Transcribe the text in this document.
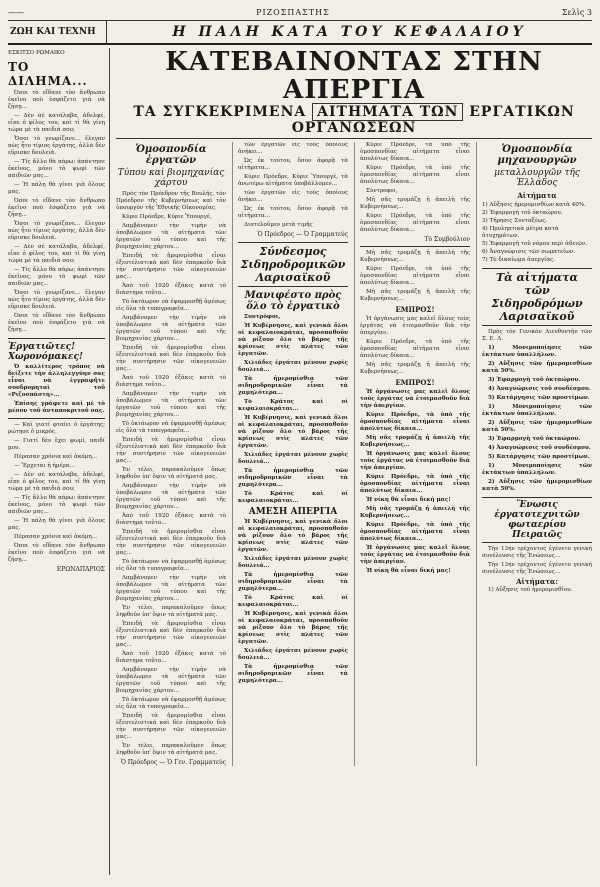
——	ΡΙΖΟΣΠΑΣΤΗΣ	Σελὶς 3
ΖΩΗ ΚΑΙ ΤΕΧΝΗ	Η ΠΑΛΗ ΚΑΤΑ ΤΟΥ ΚΕΦΑΛΑΙΟΥ
ΕΣΚΙΤΣΟ ΡΩΜΑΙΚΟ
ΤΟ ΔΙΛΗΜΑ...

Όσοι τὸ εἴδανε τὸν ἄνθρωπο ἐκεῖνο ποὺ ἐσφάζετο γιὰ νὰ ζήσῃ...

— Δὲν σὲ κατάλαβα, ἀδελφέ, εἶπε ὁ φίλος του, καὶ τί θὰ γίνῃ τώρα μὲ τὰ παιδιά σου;

Ὅσοι τὸ γνωρίζανε... ἔλεγαν πὼς ἦτο τίμιος ἐργάτης, ἀλλὰ δὲν εὕρισκε δουλειά.

— Τίς ἄλλο θὰ πάρω; ἀπάντησε ἐκεῖνος, μόνο τὸ ψωμὶ τῶν παιδιῶν μας...

— Ἡ πάλη θὰ γίνει γιὰ ὅλους μας.

Όσοι τὸ εἴδανε τὸν ἄνθρωπο ἐκεῖνο ποὺ ἐσφάζετο γιὰ νὰ ζήσῃ...

Ὅσοι τὸ γνωρίζανε... ἔλεγαν πὼς ἦτο τίμιος ἐργάτης, ἀλλὰ δὲν εὕρισκε δουλειά.

— Δὲν σὲ κατάλαβα, ἀδελφέ, εἶπε ὁ φίλος του, καὶ τί θὰ γίνῃ τώρα μὲ τὰ παιδιά σου;

— Τίς ἄλλο θὰ πάρω; ἀπάντησε ἐκεῖνος, μόνο τὸ ψωμὶ τῶν παιδιῶν μας...

Ὅσοι τὸ γνωρίζανε... ἔλεγαν πὼς ἦτο τίμιος ἐργάτης, ἀλλὰ δὲν εὕρισκε δουλειά.

Όσοι τὸ εἴδανε τὸν ἄνθρωπο ἐκεῖνο ποὺ ἐσφάζετο γιὰ νὰ ζήσῃ...

Ἐργατιῶτες! Χωρονόμακες!

Ὁ καλλίτερος τρόπος νὰ δείξετε τὴν ἀλληλεγγύην σας εἶναι νὰ ἐγγραφῆτε συνδρομηταὶ τοῦ «Ριζοσπάστη»...

Ἐπίσης γράφετε καὶ μὲ τὸ μέσον τοῦ ἀνταποκριτοῦ σας.

— Καὶ γιατί φταίει ὁ ἐργάτης; ρώτησε ὁ μικρός.

— Γιατί δὲν ἔχει ψωμί, παιδί μου.

Πέρασαν χρόνια καὶ ἀκόμη...

— Ἔρχεται ἡ ἡμέρα...

— Δὲν σὲ κατάλαβα, ἀδελφέ, εἶπε ὁ φίλος του, καὶ τί θὰ γίνῃ τώρα μὲ τὰ παιδιά σου;

— Τίς ἄλλο θὰ πάρω; ἀπάντησε ἐκεῖνος, μόνο τὸ ψωμὶ τῶν παιδιῶν μας...

— Ἡ πάλη θὰ γίνει γιὰ ὅλους μας.

Πέρασαν χρόνια καὶ ἀκόμη...

Όσοι τὸ εἴδανε τὸν ἄνθρωπο ἐκεῖνο ποὺ ἐσφάζετο γιὰ νὰ ζήσῃ...

ΕΡΩΝΑΠΑΡΙΟΣ
ΚΑΤΕΒΑΙΝΟΝΤΑΣ ΣΤΗΝ ΑΠΕΡΓΙΑ
ΤΑ ΣΥΓΚΕΚΡΙΜΕΝΑ ΑΙΤΗΜΑΤΑ ΤΩΝ ΕΡΓΑΤΙΚΩΝ ΟΡΓΑΝΩΣΕΩΝ
Ὁμοσπονδία ἐργατῶν
Τύπου καὶ βιομηχανίας χάρτου

Πρὸς τὸν Πρόεδρον τῆς Βουλῆς, τὸν Πρόεδρον τῆς Κυβερνήσεως καὶ τὸν ὑπουργὸν τῆς Ἐθνικῆς Οἰκονομίας.

Κύριε Πρόεδρε, Κύριε Ὑπουργέ,

Λαμβάνομεν τὴν τιμὴν νὰ ὑποβάλωμεν τὰ αἰτήματα τῶν ἐργατῶν τοῦ τύπου καὶ τῆς βιομηχανίας χάρτου...

Ἐπειδὴ τὰ ἡμερομίσθια εἶναι ἐξευτελιστικά καὶ δὲν ἐπαρκοῦν διὰ τὴν συντήρησιν τῶν οἰκογενειῶν μας...

Ἀπὸ τοῦ 1920 ἐξάκις κατὰ τὸ διάστημα τοῦτο...

Τὸ ὀκτάωρον νὰ ἐφαρμοσθῇ ἀμέσως εἰς ὅλα τὰ τυπογραφεῖα...

Λαμβάνομεν τὴν τιμὴν νὰ ὑποβάλωμεν τὰ αἰτήματα τῶν ἐργατῶν τοῦ τύπου καὶ τῆς βιομηχανίας χάρτου...

Ἐπειδὴ τὰ ἡμερομίσθια εἶναι ἐξευτελιστικά καὶ δὲν ἐπαρκοῦν διὰ τὴν συντήρησιν τῶν οἰκογενειῶν μας...

Ἀπὸ τοῦ 1920 ἐξάκις κατὰ τὸ διάστημα τοῦτο...

Λαμβάνομεν τὴν τιμὴν νὰ ὑποβάλωμεν τὰ αἰτήματα τῶν ἐργατῶν τοῦ τύπου καὶ τῆς βιομηχανίας χάρτου...

Τὸ ὀκτάωρον νὰ ἐφαρμοσθῇ ἀμέσως εἰς ὅλα τὰ τυπογραφεῖα...

Ἐπειδὴ τὰ ἡμερομίσθια εἶναι ἐξευτελιστικά καὶ δὲν ἐπαρκοῦν διὰ τὴν συντήρησιν τῶν οἰκογενειῶν μας...

Ἐν τέλει, παρακαλοῦμεν ὅπως ληφθοῦν ὑπ' ὄψιν τὰ αἰτήματά μας.

Λαμβάνομεν τὴν τιμὴν νὰ ὑποβάλωμεν τὰ αἰτήματα τῶν ἐργατῶν τοῦ τύπου καὶ τῆς βιομηχανίας χάρτου...

Ἀπὸ τοῦ 1920 ἐξάκις κατὰ τὸ διάστημα τοῦτο...

Ἐπειδὴ τὰ ἡμερομίσθια εἶναι ἐξευτελιστικά καὶ δὲν ἐπαρκοῦν διὰ τὴν συντήρησιν τῶν οἰκογενειῶν μας...

Τὸ ὀκτάωρον νὰ ἐφαρμοσθῇ ἀμέσως εἰς ὅλα τὰ τυπογραφεῖα...

Λαμβάνομεν τὴν τιμὴν νὰ ὑποβάλωμεν τὰ αἰτήματα τῶν ἐργατῶν τοῦ τύπου καὶ τῆς βιομηχανίας χάρτου...

Ἐν τέλει, παρακαλοῦμεν ὅπως ληφθοῦν ὑπ' ὄψιν τὰ αἰτήματά μας.

Ἐπειδὴ τὰ ἡμερομίσθια εἶναι ἐξευτελιστικά καὶ δὲν ἐπαρκοῦν διὰ τὴν συντήρησιν τῶν οἰκογενειῶν μας...

Ἀπὸ τοῦ 1920 ἐξάκις κατὰ τὸ διάστημα τοῦτο...

Λαμβάνομεν τὴν τιμὴν νὰ ὑποβάλωμεν τὰ αἰτήματα τῶν ἐργατῶν τοῦ τύπου καὶ τῆς βιομηχανίας χάρτου...

Τὸ ὀκτάωρον νὰ ἐφαρμοσθῇ ἀμέσως εἰς ὅλα τὰ τυπογραφεῖα...

Ἐπειδὴ τὰ ἡμερομίσθια εἶναι ἐξευτελιστικά καὶ δὲν ἐπαρκοῦν διὰ τὴν συντήρησιν τῶν οἰκογενειῶν μας...

Ἐν τέλει, παρακαλοῦμεν ὅπως ληφθοῦν ὑπ' ὄψιν τὰ αἰτήματά μας.

Ὁ Πρόεδρος — Ὁ Γεν. Γραμματεύς

τῶν ἐργατῶν εἰς τοὺς ὁποίους ἀνήκει...

Ὡς ἐκ τούτου, ὅσον ἀφορᾷ τὰ αἰτήματα...

Κύριε Πρόεδρε, Κύριε Ὑπουργέ, τὰ ἀνωτέρω αἰτήματα ὑποβάλλομεν...

τῶν ἐργατῶν εἰς τοὺς ὁποίους ἀνήκει...

Ὡς ἐκ τούτου, ὅσον ἀφορᾷ τὰ αἰτήματα...

Διατελοῦμεν μετὰ τιμῆς

Ὁ Πρόεδρος — Ὁ Γραμματεύς
Σύνδεσμος Σιδηροδρομικῶν Λαρισαϊκοῦ
Μανιφέστο πρὸς ὅλο τὸ ἐργατικὸ

Συντρόφοι,

Ἡ Κυβέρνησις, καὶ γενικὰ ὅλοι οἱ κεφαλαιοκράται, προσπαθοῦν νὰ ρίξουν ὅλο τὸ βάρος τῆς κρίσεως στὶς πλάτες τῶν ἐργατῶν.

Χιλιάδες ἐργάται μένουν χωρὶς δουλειά...

Τὰ ἡμερομίσθια τῶν σιδηροδρομικῶν εἶναι τὰ χαμηλότερα...

Τὸ Κράτος καὶ οἱ κεφαλαιοκράται...

Ἡ Κυβέρνησις, καὶ γενικὰ ὅλοι οἱ κεφαλαιοκράται, προσπαθοῦν νὰ ρίξουν ὅλο τὸ βάρος τῆς κρίσεως στὶς πλάτες τῶν ἐργατῶν.

Χιλιάδες ἐργάται μένουν χωρὶς δουλειά...

Τὰ ἡμερομίσθια τῶν σιδηροδρομικῶν εἶναι τὰ χαμηλότερα...

Τὸ Κράτος καὶ οἱ κεφαλαιοκράται...

ΑΜΕΣΗ ΑΠΕΡΓΙΑ

Ἡ Κυβέρνησις, καὶ γενικὰ ὅλοι οἱ κεφαλαιοκράται, προσπαθοῦν νὰ ρίξουν ὅλο τὸ βάρος τῆς κρίσεως στὶς πλάτες τῶν ἐργατῶν.

Χιλιάδες ἐργάται μένουν χωρὶς δουλειά...

Τὰ ἡμερομίσθια τῶν σιδηροδρομικῶν εἶναι τὰ χαμηλότερα...

Τὸ Κράτος καὶ οἱ κεφαλαιοκράται...

Ἡ Κυβέρνησις, καὶ γενικὰ ὅλοι οἱ κεφαλαιοκράται, προσπαθοῦν νὰ ρίξουν ὅλο τὸ βάρος τῆς κρίσεως στὶς πλάτες τῶν ἐργατῶν.

Χιλιάδες ἐργάται μένουν χωρὶς δουλειά...

Τὰ ἡμερομίσθια τῶν σιδηροδρομικῶν εἶναι τὰ χαμηλότερα...

Κύριε Πρόεδρε, τὰ ὑπὸ τῆς ὁμοσπονδίας αἰτήματα εἶναι ἀπολύτως δίκαια...

Κύριε Πρόεδρε, τὰ ὑπὸ τῆς ὁμοσπονδίας αἰτήματα εἶναι ἀπολύτως δίκαια...

Σύντροφοι,

Μὴ σᾶς τρομάζῃ ἡ ἀπειλὴ τῆς Κυβερνήσεως...

Κύριε Πρόεδρε, τὰ ὑπὸ τῆς ὁμοσπονδίας αἰτήματα εἶναι ἀπολύτως δίκαια...

Τὸ Συμβούλιον

Μὴ σᾶς τρομάζῃ ἡ ἀπειλὴ τῆς Κυβερνήσεως...

Κύριε Πρόεδρε, τὰ ὑπὸ τῆς ὁμοσπονδίας αἰτήματα εἶναι ἀπολύτως δίκαια...

Μὴ σᾶς τρομάζῃ ἡ ἀπειλὴ τῆς Κυβερνήσεως...

ΕΜΠΡΟΣ!

Ἡ ὀργάνωσις μας καλεῖ ὅλους τοὺς ἐργάτας νὰ ἑτοιμασθοῦν διὰ τὴν ἀπεργίαν.

Κύριε Πρόεδρε, τὰ ὑπὸ τῆς ὁμοσπονδίας αἰτήματα εἶναι ἀπολύτως δίκαια...

Μὴ σᾶς τρομάζῃ ἡ ἀπειλὴ τῆς Κυβερνήσεως...

ΕΜΠΡΟΣ!

Ἡ ὀργάνωσις μας καλεῖ ὅλους τοὺς ἐργάτας νὰ ἑτοιμασθοῦν διὰ τὴν ἀπεργίαν.

Κύριε Πρόεδρε, τὰ ὑπὸ τῆς ὁμοσπονδίας αἰτήματα εἶναι ἀπολύτως δίκαια...

Μὴ σᾶς τρομάζῃ ἡ ἀπειλὴ τῆς Κυβερνήσεως...

Ἡ ὀργάνωσις μας καλεῖ ὅλους τοὺς ἐργάτας νὰ ἑτοιμασθοῦν διὰ τὴν ἀπεργίαν.

Κύριε Πρόεδρε, τὰ ὑπὸ τῆς ὁμοσπονδίας αἰτήματα εἶναι ἀπολύτως δίκαια...

Ἡ νίκη θὰ εἶναι δική μας!

Μὴ σᾶς τρομάζῃ ἡ ἀπειλὴ τῆς Κυβερνήσεως...

Κύριε Πρόεδρε, τὰ ὑπὸ τῆς ὁμοσπονδίας αἰτήματα εἶναι ἀπολύτως δίκαια...

Ἡ ὀργάνωσις μας καλεῖ ὅλους τοὺς ἐργάτας νὰ ἑτοιμασθοῦν διὰ τὴν ἀπεργίαν.

Ἡ νίκη θὰ εἶναι δική μας!

Ὁμοσπονδία μηχανουργῶν
μεταλλουργῶν τῆς Ἑλλάδος
Αἰτήματα
1) Αὔξησις ἡμερομισθίων κατὰ 40%.
2) Ἐφαρμογὴ τοῦ ὀκταώρου.
3) Τήρησις Συνταξέως.
4) Προληπτικὰ μέτρα κατὰ ἀτυχημάτων.
5) Ἐφαρμογὴ τοῦ νόμου περὶ ἀδειῶν.
6) Ἀναγνώρισις τῶν σωματείων.
7) Τὸ δικαίωμα ἀπεργίας.
Τὰ αἰτήματα τῶν Σιδηροδρόμων Λαρισαϊκοῦ

Πρὸς τὸν Γενικὸν Διευθυντὴν τῶν Σ. Ε. Λ.

1) Μονιμοποίησις τῶν ἐκτάκτων ὑπαλλήλων.

2) Αὔξησις τῶν ἡμερομισθίων κατὰ 50%.

3) Ἐφαρμογὴ τοῦ ὀκταώρου.

4) Ἀναγνώρισις τοῦ συνδέσμου.

5) Κατάργησις τῶν προστίμων.

1) Μονιμοποίησις τῶν ἐκτάκτων ὑπαλλήλων.

2) Αὔξησις τῶν ἡμερομισθίων κατὰ 50%.

3) Ἐφαρμογὴ τοῦ ὀκταώρου.

4) Ἀναγνώρισις τοῦ συνδέσμου.

5) Κατάργησις τῶν προστίμων.

1) Μονιμοποίησις τῶν ἐκτάκτων ὑπαλλήλων.

2) Αὔξησις τῶν ἡμερομισθίων κατὰ 50%.

Ἕνωσις ἐργατοτεχνιτῶν φωταερίου Πειραιῶς

Τὴν 13ην τρέχοντος ἐγένετο γενικὴ συνέλευσις τῆς Ἑνώσεως...

Τὴν 13ην τρέχοντος ἐγένετο γενικὴ συνέλευσις τῆς Ἑνώσεως...

Αἰτήματα:

1) Αὔξησις τοῦ ἡμερομισθίου.
